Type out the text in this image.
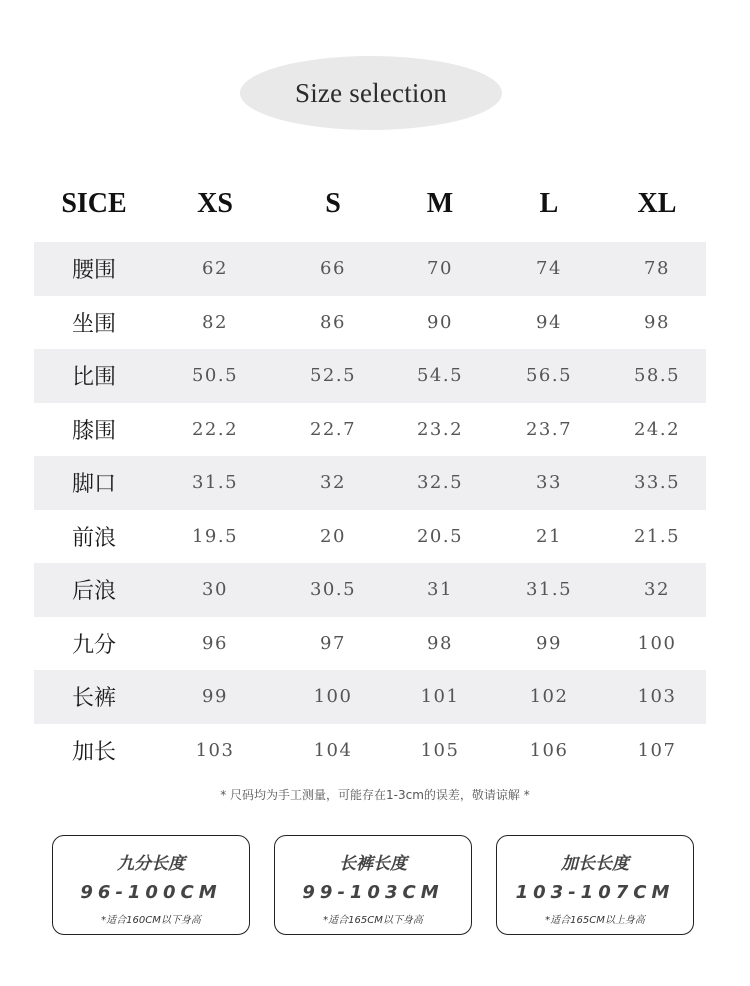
Size selection
SICE	XS	S	M	L	XL
腰围	62	66	70	74	78
坐围	82	86	90	94	98
比围	50.5	52.5	54.5	56.5	58.5
膝围	22.2	22.7	23.2	23.7	24.2
脚口	31.5	32	32.5	33	33.5
前浪	19.5	20	20.5	21	21.5
后浪	30	30.5	31	31.5	32
九分	96	97	98	99	100
长裤	99	100	101	102	103
加长	103	104	105	106	107
* 尺码均为手工测量，可能存在1-3cm的误差，敬请谅解 *
九分长度
96-100CM
*适合160CM以下身高
长裤长度
99-103CM
*适合165CM以下身高
加长长度
103-107CM
*适合165CM以上身高
